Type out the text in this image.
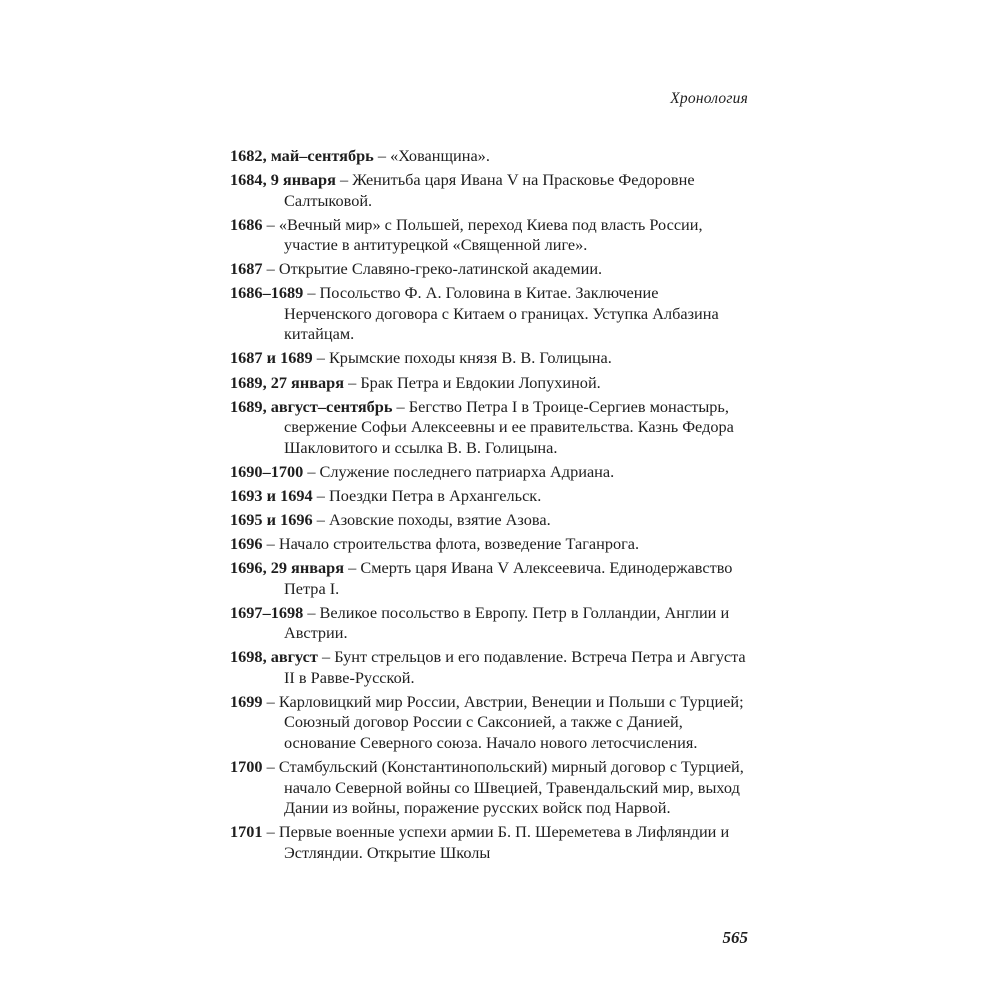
Хронология

1682, май–сентябрь – «Хованщина».

1684, 9 января – Женитьба царя Ивана V на Прасковье Федоровне Салтыковой.

1686 – «Вечный мир» с Польшей, переход Киева под власть России, участие в антитурецкой «Священной лиге».

1687 – Открытие Славяно-греко-латинской академии.

1686–1689 – Посольство Ф. А. Головина в Китае. Заключение Нерченского договора с Китаем о границах. Уступка Албазина китайцам.

1687 и 1689 – Крымские походы князя В. В. Голицына.

1689, 27 января – Брак Петра и Евдокии Лопухиной.

1689, август–сентябрь – Бегство Петра I в Троице-Сергиев монастырь, свержение Софьи Алексеевны и ее правительства. Казнь Федора Шакловитого и ссылка В. В. Голицына.

1690–1700 – Служение последнего патриарха Адриана.

1693 и 1694 – Поездки Петра в Архангельск.

1695 и 1696 – Азовские походы, взятие Азова.

1696 – Начало строительства флота, возведение Таганрога.

1696, 29 января – Смерть царя Ивана V Алексеевича. Единодержавство Петра I.

1697–1698 – Великое посольство в Европу. Петр в Голландии, Англии и Австрии.

1698, август – Бунт стрельцов и его подавление. Встреча Петра и Августа II в Равве-Русской.

1699 – Карловицкий мир России, Австрии, Венеции и Польши с Турцией; Союзный договор России с Саксонией, а также с Данией, основание Северного союза. Начало нового летосчисления.

1700 – Стамбульский (Константинопольский) мирный договор с Турцией, начало Северной войны со Швецией, Травендальский мир, выход Дании из войны, поражение русских войск под Нарвой.

1701 – Первые военные успехи армии Б. П. Шереметева в Лифляндии и Эстляндии. Открытие Школы

565
